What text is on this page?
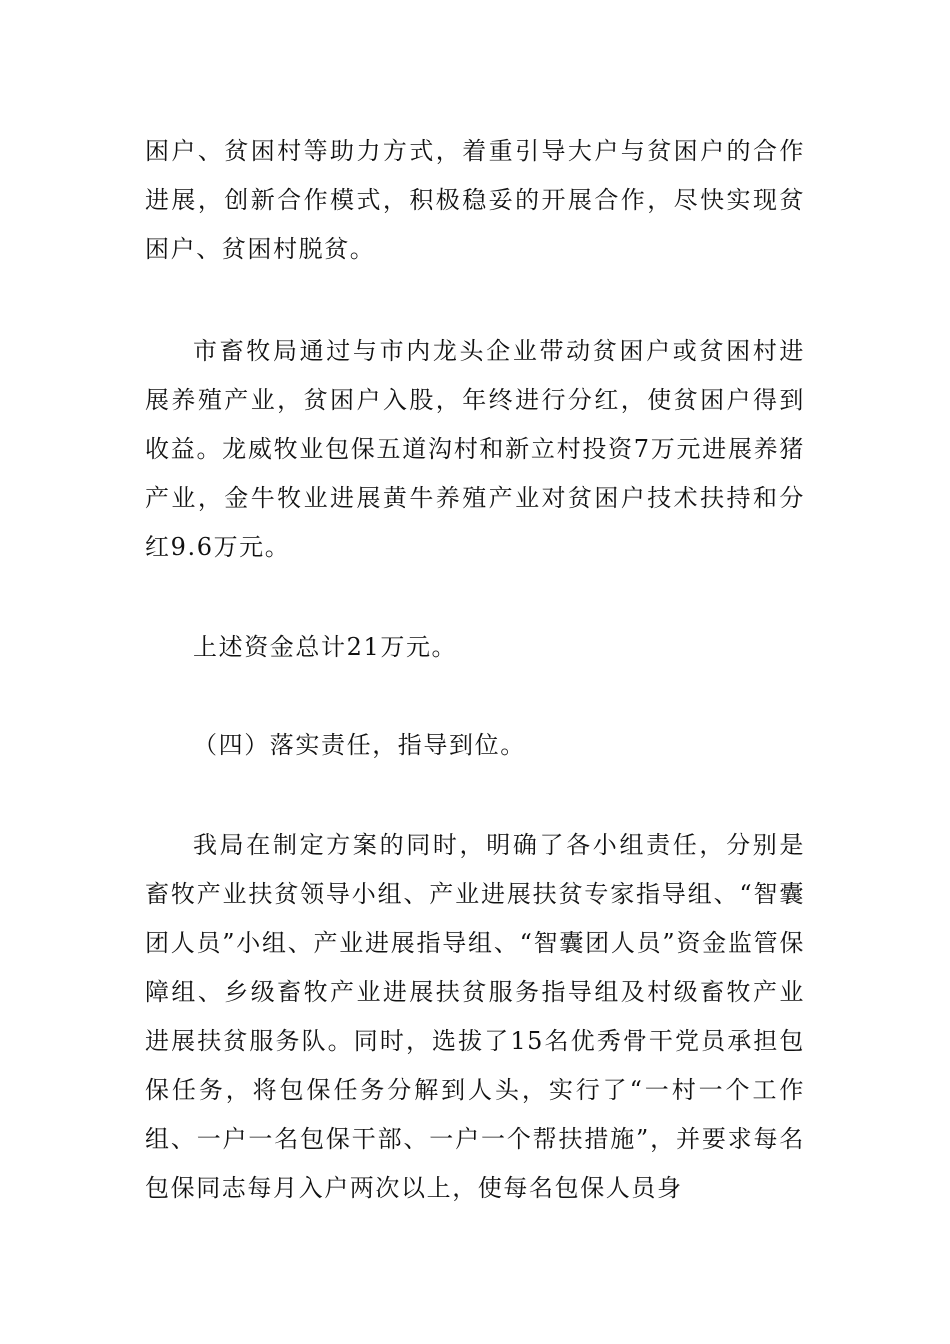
困户、贫困村等助力方式，着重引导大户与贫困户的合作进展，创新合作模式，积极稳妥的开展合作，尽快实现贫困户、贫困村脱贫。

市畜牧局通过与市内龙头企业带动贫困户或贫困村进展养殖产业，贫困户入股，年终进行分红，使贫困户得到收益。龙威牧业包保五道沟村和新立村投资7万元进展养猪产业，金牛牧业进展黄牛养殖产业对贫困户技术扶持和分红9.6万元。

上述资金总计21万元。

（四）落实责任，指导到位。

我局在制定方案的同时，明确了各小组责任，分别是畜牧产业扶贫领导小组、产业进展扶贫专家指导组、“智囊团人员”小组、产业进展指导组、“智囊团人员”资金监管保障组、乡级畜牧产业进展扶贫服务指导组及村级畜牧产业进展扶贫服务队。同时，选拔了15名优秀骨干党员承担包保任务，将包保任务分解到人头，实行了“一村一个工作组、一户一名包保干部、一户一个帮扶措施”，并要求每名包保同志每月入户两次以上，使每名包保人员身
